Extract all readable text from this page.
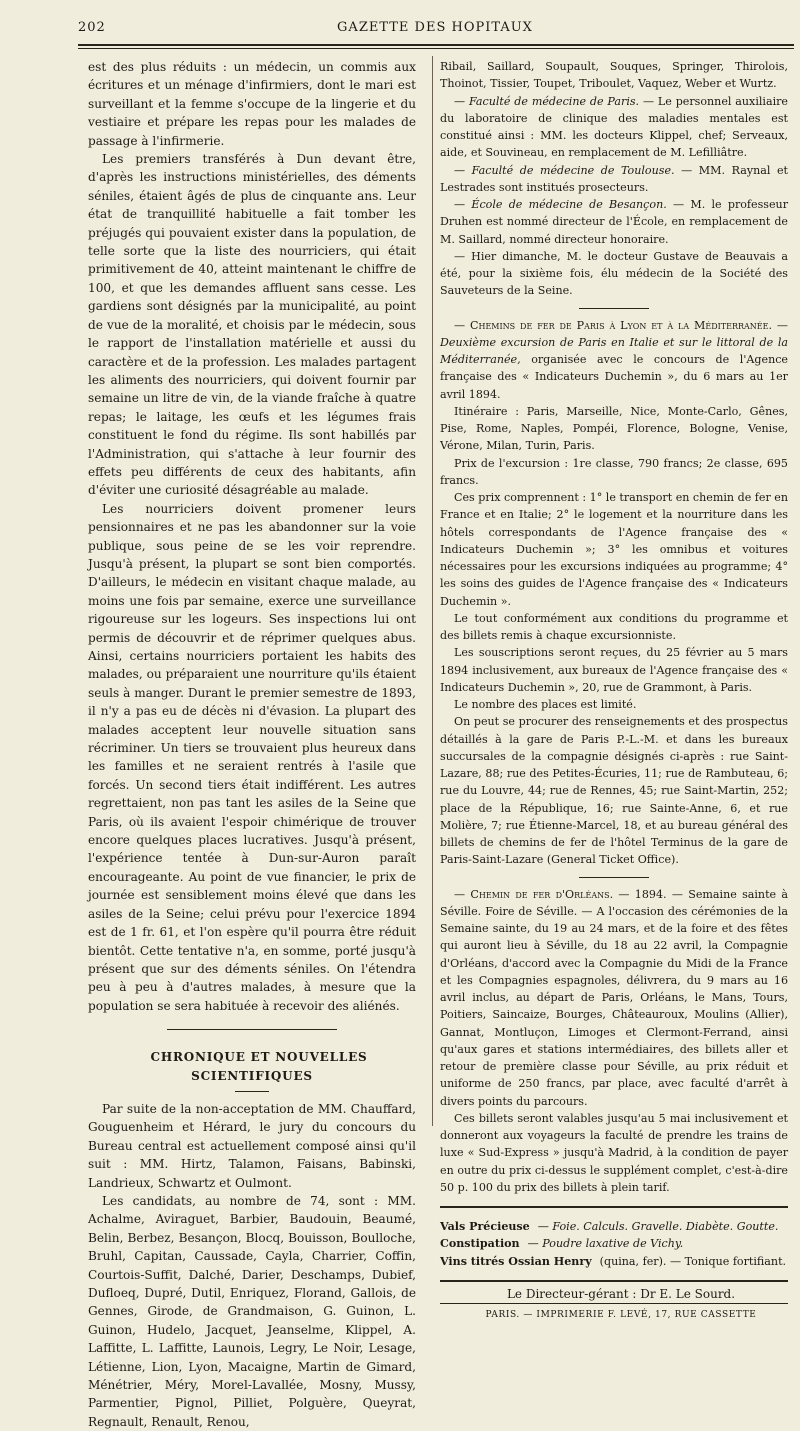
202	GAZETTE DES HOPITAUX

est des plus réduits : un médecin, un commis aux écritures et un ménage d'infirmiers, dont le mari est surveillant et la femme s'occupe de la lingerie et du vestiaire et prépare les repas pour les malades de passage à l'infirmerie.

Les premiers transférés à Dun devant être, d'après les instructions ministérielles, des déments séniles, étaient âgés de plus de cinquante ans. Leur état de tranquillité habituelle a fait tomber les préjugés qui pouvaient exister dans la population, de telle sorte que la liste des nourriciers, qui était primitivement de 40, atteint maintenant le chiffre de 100, et que les demandes affluent sans cesse. Les gardiens sont désignés par la municipalité, au point de vue de la moralité, et choisis par le médecin, sous le rapport de l'installation matérielle et aussi du caractère et de la profession. Les malades partagent les aliments des nourriciers, qui doivent fournir par semaine un litre de vin, de la viande fraîche à quatre repas; le laitage, les œufs et les légumes frais constituent le fond du régime. Ils sont habillés par l'Administration, qui s'attache à leur fournir des effets peu différents de ceux des habitants, afin d'éviter une curiosité désagréable au malade.

Les nourriciers doivent promener leurs pensionnaires et ne pas les abandonner sur la voie publique, sous peine de se les voir reprendre. Jusqu'à présent, la plupart se sont bien comportés. D'ailleurs, le médecin en visitant chaque malade, au moins une fois par semaine, exerce une surveillance rigoureuse sur les logeurs. Ses inspections lui ont permis de découvrir et de réprimer quelques abus. Ainsi, certains nourriciers portaient les habits des malades, ou préparaient une nourriture qu'ils étaient seuls à manger. Durant le premier semestre de 1893, il n'y a pas eu de décès ni d'évasion. La plupart des malades acceptent leur nouvelle situation sans récriminer. Un tiers se trouvaient plus heureux dans les familles et ne seraient rentrés à l'asile que forcés. Un second tiers était indifférent. Les autres regrettaient, non pas tant les asiles de la Seine que Paris, où ils avaient l'espoir chimérique de trouver encore quelques places lucratives. Jusqu'à présent, l'expérience tentée à Dun-sur-Auron paraît encourageante. Au point de vue financier, le prix de journée est sensiblement moins élevé que dans les asiles de la Seine; celui prévu pour l'exercice 1894 est de 1 fr. 61, et l'on espère qu'il pourra être réduit bientôt. Cette tentative n'a, en somme, porté jusqu'à présent que sur des déments séniles. On l'étendra peu à peu à d'autres malades, à mesure que la population se sera habituée à recevoir des aliénés.

CHRONIQUE ET NOUVELLES SCIENTIFIQUES

Par suite de la non-acceptation de MM. Chauffard, Gouguenheim et Hérard, le jury du concours du Bureau central est actuellement composé ainsi qu'il suit : MM. Hirtz, Talamon, Faisans, Babinski, Landrieux, Schwartz et Oulmont.

Les candidats, au nombre de 74, sont : MM. Achalme, Aviraguet, Barbier, Baudouin, Beaumé, Belin, Berbez, Besançon, Blocq, Bouisson, Boulloche, Bruhl, Capitan, Caussade, Cayla, Charrier, Coffin, Courtois-Suffit, Dalché, Darier, Deschamps, Dubief, Dufloeq, Dupré, Dutil, Enriquez, Florand, Gallois, de Gennes, Girode, de Grandmaison, G. Guinon, L. Guinon, Hudelo, Jacquet, Jeanselme, Klippel, A. Laffitte, L. Laffitte, Launois, Legry, Le Noir, Lesage, Létienne, Lion, Lyon, Macaigne, Martin de Gimard, Ménétrier, Méry, Morel-Lavallée, Mosny, Mussy, Parmentier, Pignol, Pilliet, Polguère, Queyrat, Regnault, Renault, Renou,

Ribail, Saillard, Soupault, Souques, Springer, Thirolois, Thoinot, Tissier, Toupet, Triboulet, Vaquez, Weber et Wurtz.

— Faculté de médecine de Paris. — Le personnel auxiliaire du laboratoire de clinique des maladies mentales est constitué ainsi : MM. les docteurs Klippel, chef; Serveaux, aide, et Souvineau, en remplacement de M. Lefilliâtre.

— Faculté de médecine de Toulouse. — MM. Raynal et Lestrades sont institués prosecteurs.

— École de médecine de Besançon. — M. le professeur Druhen est nommé directeur de l'École, en remplacement de M. Saillard, nommé directeur honoraire.

— Hier dimanche, M. le docteur Gustave de Beauvais a été, pour la sixième fois, élu médecin de la Société des Sauveteurs de la Seine.

— Chemins de fer de Paris à Lyon et à la Méditerranée. — Deuxième excursion de Paris en Italie et sur le littoral de la Méditerranée, organisée avec le concours de l'Agence française des « Indicateurs Duchemin », du 6 mars au 1er avril 1894.

Itinéraire : Paris, Marseille, Nice, Monte-Carlo, Gênes, Pise, Rome, Naples, Pompéi, Florence, Bologne, Venise, Vérone, Milan, Turin, Paris.

Prix de l'excursion : 1re classe, 790 francs; 2e classe, 695 francs.

Ces prix comprennent : 1° le transport en chemin de fer en France et en Italie; 2° le logement et la nourriture dans les hôtels correspondants de l'Agence française des « Indicateurs Duchemin »; 3° les omnibus et voitures nécessaires pour les excursions indiquées au programme; 4° les soins des guides de l'Agence française des « Indicateurs Duchemin ».

Le tout conformément aux conditions du programme et des billets remis à chaque excursionniste.

Les souscriptions seront reçues, du 25 février au 5 mars 1894 inclusivement, aux bureaux de l'Agence française des « Indicateurs Duchemin », 20, rue de Grammont, à Paris.

Le nombre des places est limité.

On peut se procurer des renseignements et des prospectus détaillés à la gare de Paris P.-L.-M. et dans les bureaux succursales de la compagnie désignés ci-après : rue Saint-Lazare, 88; rue des Petites-Écuries, 11; rue de Rambuteau, 6; rue du Louvre, 44; rue de Rennes, 45; rue Saint-Martin, 252; place de la République, 16; rue Sainte-Anne, 6, et rue Molière, 7; rue Étienne-Marcel, 18, et au bureau général des billets de chemins de fer de l'hôtel Terminus de la gare de Paris-Saint-Lazare (General Ticket Office).

— Chemin de fer d'Orléans. — 1894. — Semaine sainte à Séville. Foire de Séville. — A l'occasion des cérémonies de la Semaine sainte, du 19 au 24 mars, et de la foire et des fêtes qui auront lieu à Séville, du 18 au 22 avril, la Compagnie d'Orléans, d'accord avec la Compagnie du Midi de la France et les Compagnies espagnoles, délivrera, du 9 mars au 16 avril inclus, au départ de Paris, Orléans, le Mans, Tours, Poitiers, Saincaize, Bourges, Châteauroux, Moulins (Allier), Gannat, Montluçon, Limoges et Clermont-Ferrand, ainsi qu'aux gares et stations intermédiaires, des billets aller et retour de première classe pour Séville, au prix réduit et uniforme de 250 francs, par place, avec faculté d'arrêt à divers points du parcours.

Ces billets seront valables jusqu'au 5 mai inclusivement et donneront aux voyageurs la faculté de prendre les trains de luxe « Sud-Express » jusqu'à Madrid, à la condition de payer en outre du prix ci-dessus le supplément complet, c'est-à-dire 50 p. 100 du prix des billets à plein tarif.

Vals Précieuse — Foie. Calculs. Gravelle. Diabète. Goutte.

Constipation — Poudre laxative de Vichy.

Vins titrés Ossian Henry (quina, fer). — Tonique fortifiant.

Le Directeur-gérant : Dr E. Le Sourd.

PARIS. — IMPRIMERIE F. LEVÉ, 17, RUE CASSETTE
